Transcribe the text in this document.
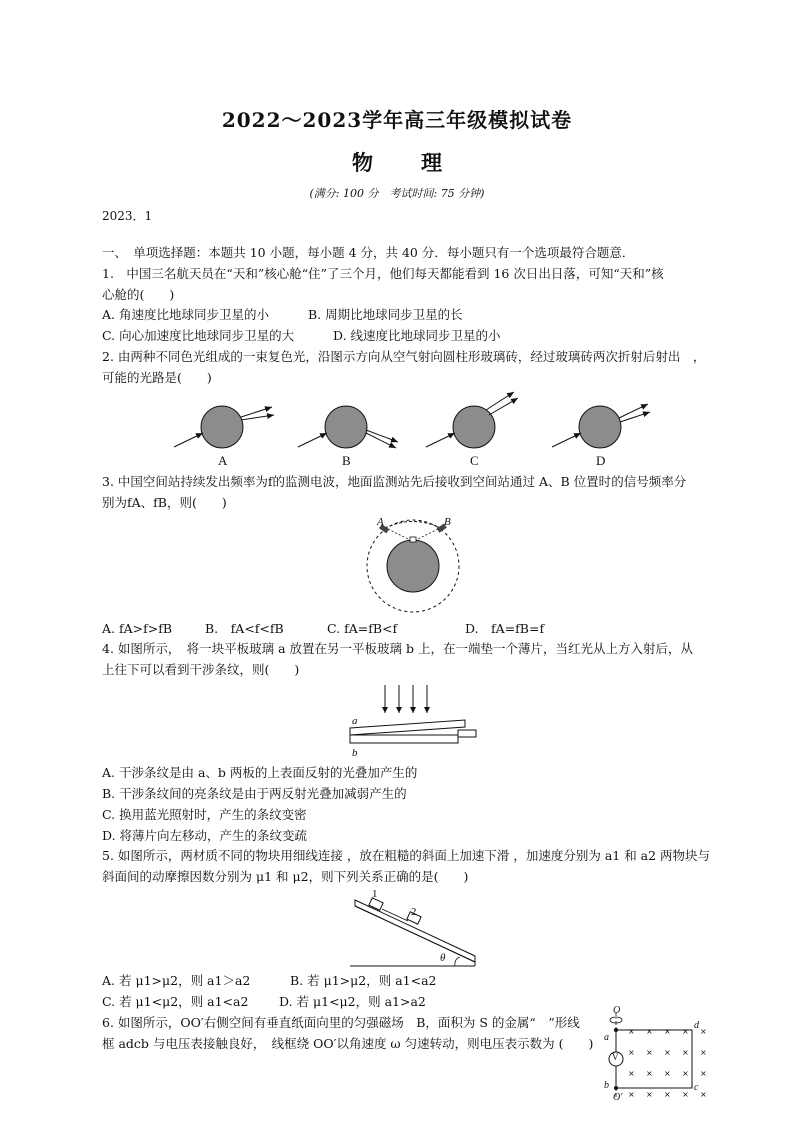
2022～2023学年高三年级模拟试卷
物 理
(满分: 100 分　考试时间: 75 分钟)
2023．1
一、　单项选择题：本题共 10 小题，每小题 4 分，共 40 分．每小题只有一个选项最符合题意．
1.　中国三名航天员在“天和”核心舱“住”了三个月，他们每天都能看到 16 次日出日落，可知“天和”核
心舱的(　　)
A. 角速度比地球同步卫星的小	B. 周期比地球同步卫星的长
C. 向心加速度比地球同步卫星的大	D. 线速度比地球同步卫星的小
2. 由两种不同色光组成的一束复色光，沿图示方向从空气射向圆柱形玻璃砖，经过玻璃砖两次折射后射出　，
可能的光路是(　　)
A	B	C	D
3. 中国空间站持续发出频率为f的监测电波，地面监测站先后接收到空间站通过 A、B 位置时的信号频率分
别为fA、fB，则(　　)
A	B
A. fA>f>fB	B.　fA<f<fB	C. fA=fB<f	D.　fA=fB=f
4. 如图所示，　将一块平板玻璃 a 放置在另一平板玻璃 b 上，在一端垫一个薄片，当红光从上方入射后，从
上往下可以看到干涉条纹，则(　　)
a
b
A. 干涉条纹是由 a、b 两板的上表面反射的光叠加产生的
B. 干涉条纹间的亮条纹是由于两反射光叠加减弱产生的
C. 换用蓝光照射时，产生的条纹变密
D. 将薄片向左移动，产生的条纹变疏
5. 如图所示，两材质不同的物块用细线连接 ，放在粗糙的斜面上加速下滑 ，加速度分别为 a1 和 a2 两物块与
斜面间的动摩擦因数分别为 μ1 和 μ2，则下列关系正确的是(　　)
1
2
θ
A. 若 μ1>μ2，则 a1＞a2	B. 若 μ1>μ2，则 a1<a2
C. 若 μ1<μ2，则 a1<a2 D. 若 μ1<μ2，则 a1>a2
6. 如图所示，OO′右侧空间有垂直纸面向里的匀强磁场　B，面积为 S 的金属“　”形线
框 adcb 与电压表接触良好，　线框绕 OO′以角速度 ω 匀速转动，则电压表示数为 (　　)
× × × × ×
× × × × ×
× × × × ×
× × × × ×
O
O′
a
b	c
d
V
